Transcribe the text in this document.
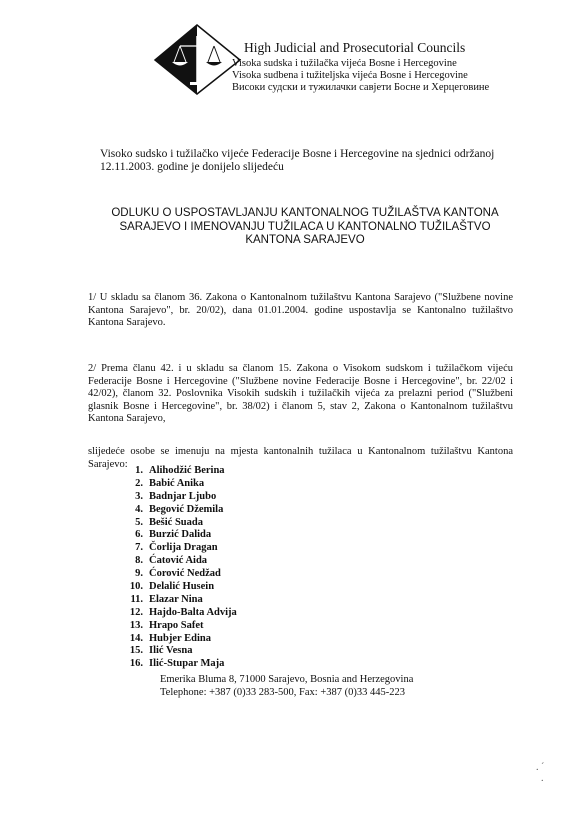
High Judicial and Prosecutorial Councils
Visoka sudska i tužilačka vijeća Bosne i Hercegovine
Visoka sudbena i tužiteljska vijeća Bosne i Hercegovine
Високи судски и тужилачки савјети Босне и Херцеговине
Visoko sudsko i tužilačko vijeće Federacije Bosne i Hercegovine na sjednici održanoj 12.11.2003. godine je donijelo slijedeću
ODLUKU O USPOSTAVLJANJU KANTONALNOG TUŽILAŠTVA KANTONA
SARAJEVO I IMENOVANJU TUŽILACA U KANTONALNO TUŽILAŠTVO
KANTONA SARAJEVO
1/ U skladu sa članom 36. Zakona o Kantonalnom tužilaštvu Kantona Sarajevo ("Službene novine Kantona Sarajevo", br. 20/02), dana 01.01.2004. godine uspostavlja se Kantonalno tužilaštvo Kantona Sarajevo.
2/ Prema članu 42. i u skladu sa članom 15. Zakona o Visokom sudskom i tužilačkom vijeću Federacije Bosne i Hercegovine ("Službene novine Federacije Bosne i Hercegovine", br. 22/02 i 42/02), članom 32. Poslovnika Visokih sudskih i tužilačkih vijeća za prelazni period ("Službeni glasnik Bosne i Hercegovine", br. 38/02) i članom 5, stav 2, Zakona o Kantonalnom tužilaštvu Kantona Sarajevo,
slijedeće osobe se imenuju na mjesta kantonalnih tužilaca u Kantonalnom tužilaštvu Kantona Sarajevo:
1. Alihodžić Berina
2. Babić Anika
3. Badnjar Ljubo
4. Begović Džemila
5. Bešić Suada
6. Burzić Dalida
7. Čorlija Dragan
8. Ćatović Aida
9. Ćorović Nedžad
10. Delalić Husein
11. Elazar Nina
12. Hajdo-Balta Advija
13. Hrapo Safet
14. Hubjer Edina
15. Ilić Vesna
16. Ilić-Stupar Maja
Emerika Bluma 8, 71000 Sarajevo, Bosnia and Herzegovina
Telephone: +387 (0)33 283-500, Fax: +387 (0)33 445-223
. ´
.
